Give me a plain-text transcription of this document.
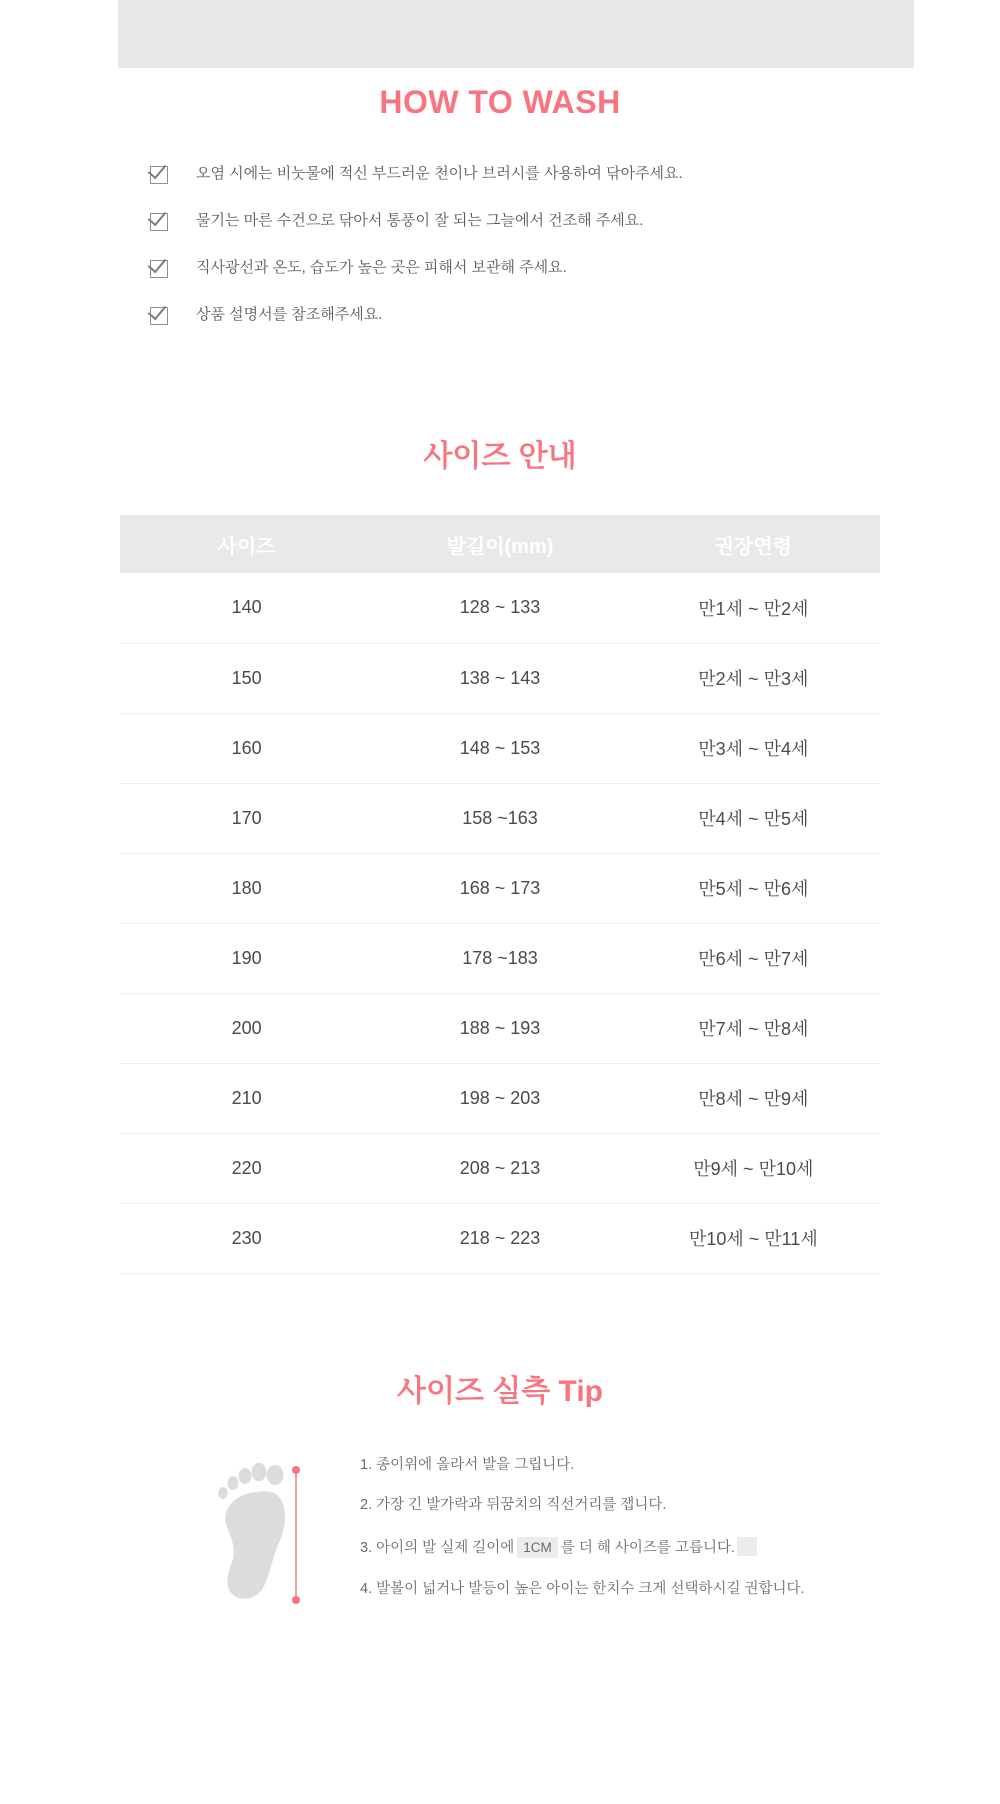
HOW TO WASH
오염 시에는 비눗물에 적신 부드러운 천이나 브러시를 사용하여 닦아주세요.
물기는 마른 수건으로 닦아서 통풍이 잘 되는 그늘에서 건조해 주세요.
직사광선과 온도, 습도가 높은 곳은 피해서 보관해 주세요.
상품 설명서를 참조해주세요.
사이즈 안내
사이즈	발길이(mm)	권장연령
140	128 ~ 133	만1세 ~ 만2세
150	138 ~ 143	만2세 ~ 만3세
160	148 ~ 153	만3세 ~ 만4세
170	158 ~163	만4세 ~ 만5세
180	168 ~ 173	만5세 ~ 만6세
190	178 ~183	만6세 ~ 만7세
200	188 ~ 193	만7세 ~ 만8세
210	198 ~ 203	만8세 ~ 만9세
220	208 ~ 213	만9세 ~ 만10세
230	218 ~ 223	만10세 ~ 만11세
사이즈 실측 Tip
1. 종이위에 올라서 발을 그립니다.
2. 가장 긴 발가락과 뒤꿈치의 직선거리를 잽니다.
3. 아이의 발 실제 길이에 1CM 를 더 해 사이즈를 고릅니다.
4. 발볼이 넓거나 발등이 높은 아이는 한치수 크게 선택하시길 권합니다.
